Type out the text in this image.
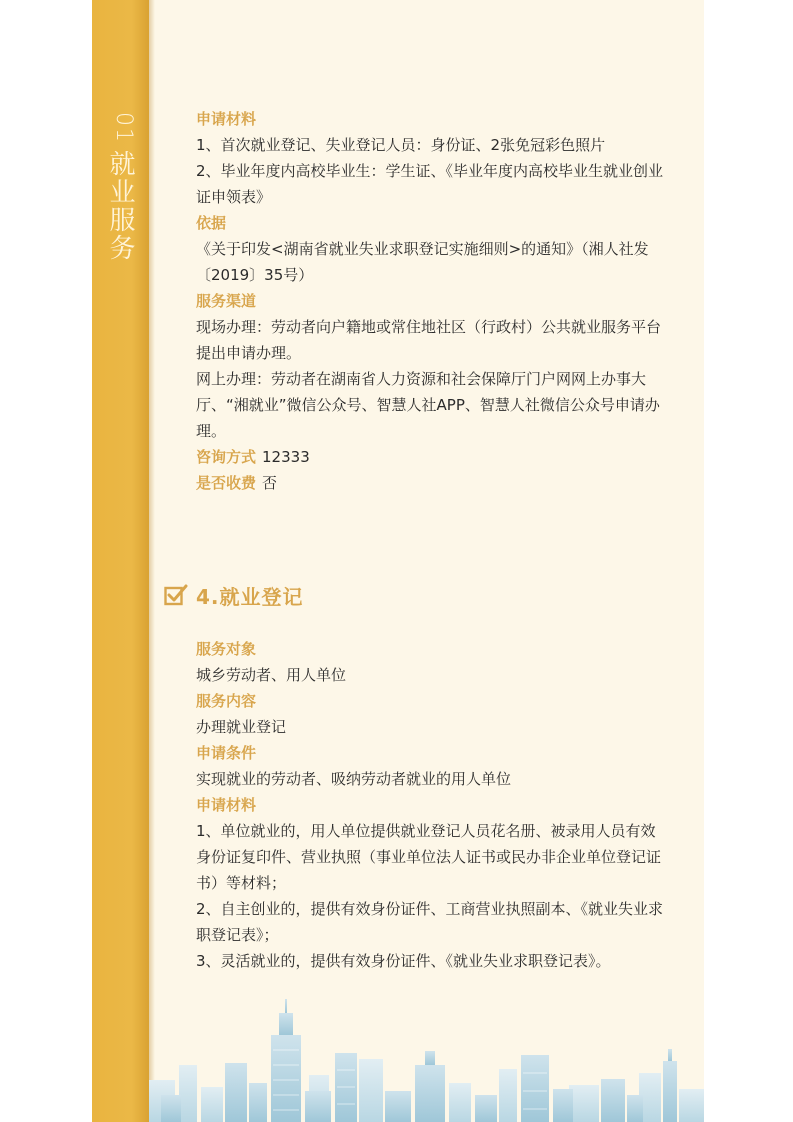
01
就业服务
申请材料

1、首次就业登记、失业登记人员：身份证、2张免冠彩色照片

2、毕业年度内高校毕业生：学生证、《毕业年度内高校毕业生就业创业证申领表》

依据

《关于印发<湖南省就业失业求职登记实施细则>的通知》（湘人社发〔2019〕35号）

服务渠道

现场办理：劳动者向户籍地或常住地社区（行政村）公共就业服务平台提出申请办理。

网上办理：劳动者在湖南省人力资源和社会保障厅门户网网上办事大厅、“湘就业”微信公众号、智慧人社APP、智慧人社微信公众号申请办理。

咨询方式 12333
是否收费 否
4.就业登记
服务对象

城乡劳动者、用人单位

服务内容

办理就业登记

申请条件

实现就业的劳动者、吸纳劳动者就业的用人单位

申请材料

1、单位就业的，用人单位提供就业登记人员花名册、被录用人员有效身份证复印件、营业执照（事业单位法人证书或民办非企业单位登记证书）等材料；

2、自主创业的，提供有效身份证件、工商营业执照副本、《就业失业求职登记表》；

3、灵活就业的，提供有效身份证件、《就业失业求职登记表》。
